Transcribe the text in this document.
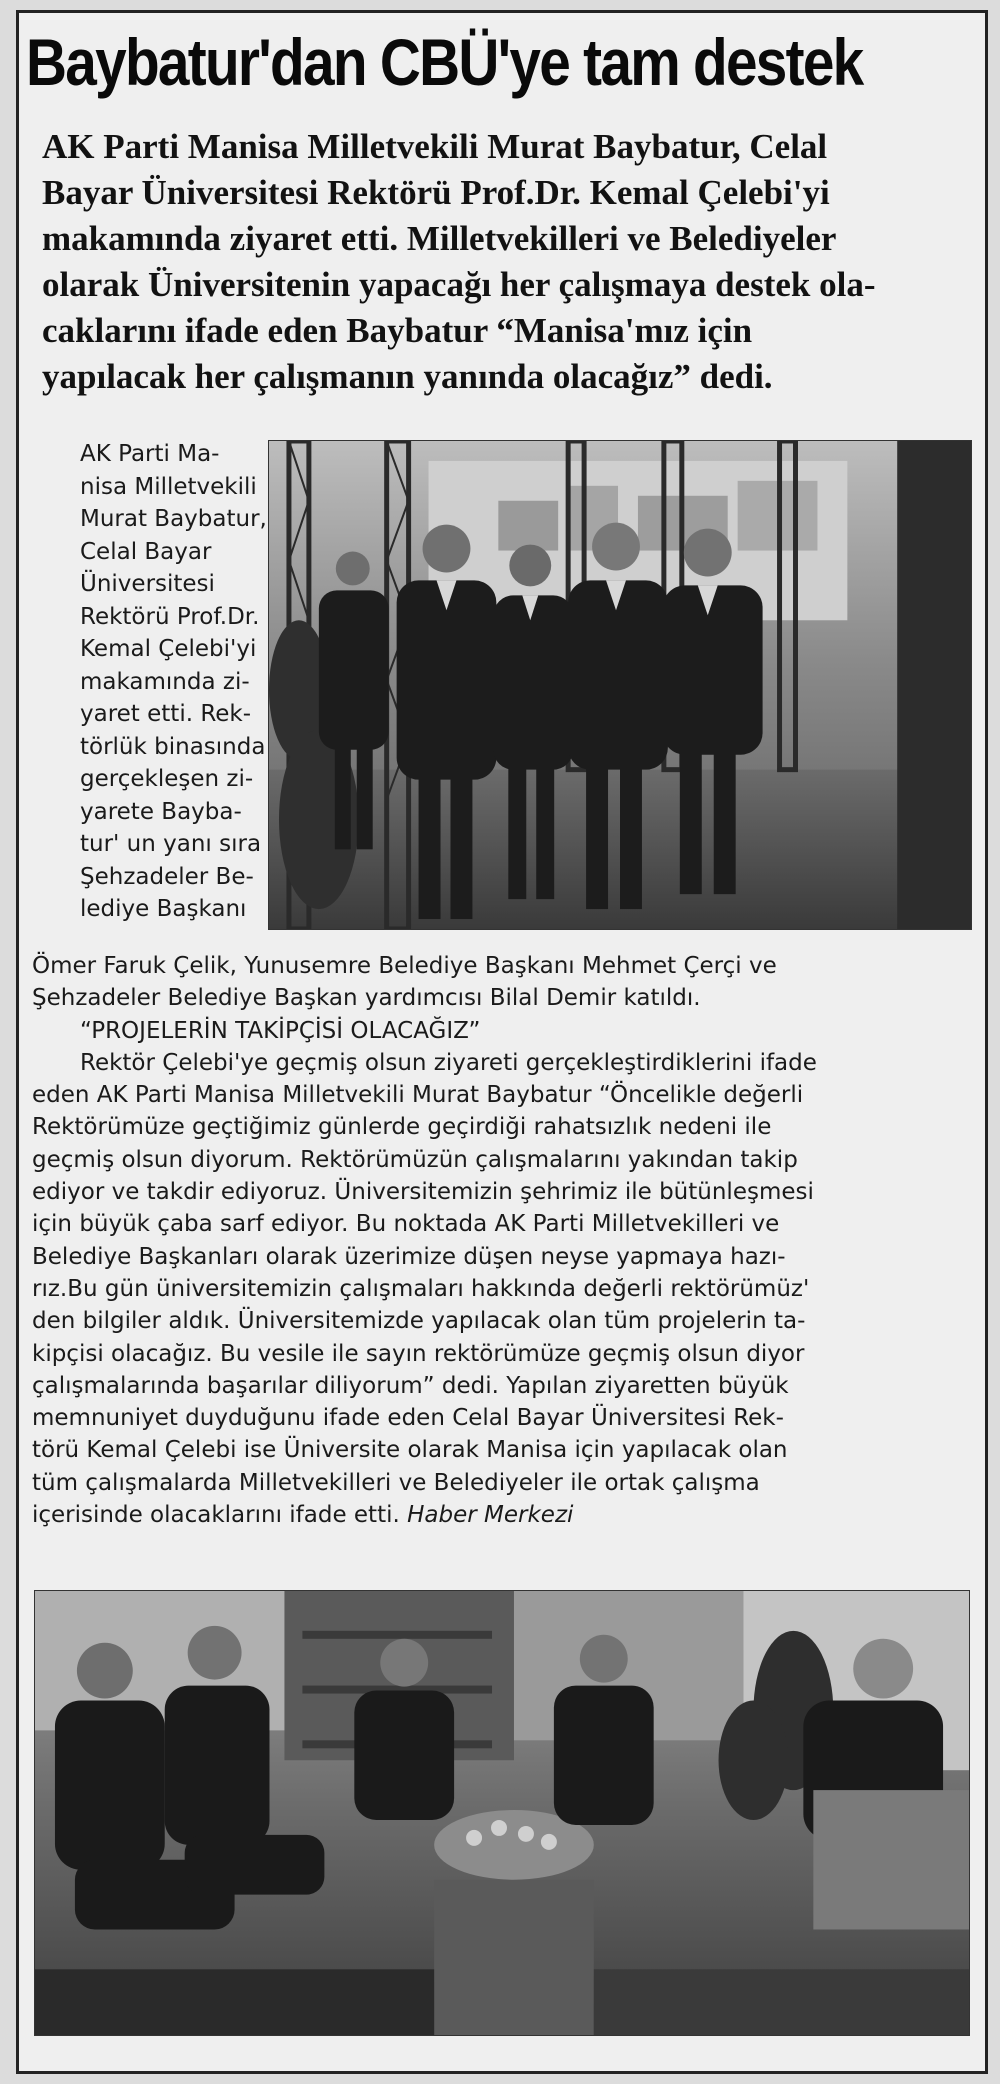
Baybatur'dan CBÜ'ye tam destek
AK Parti Manisa Milletvekili Murat Baybatur, Celal
Bayar Üniversitesi Rektörü Prof.Dr. Kemal Çelebi'yi
makamında ziyaret etti. Milletvekilleri ve Belediyeler
olarak Üniversitenin yapacağı her çalışmaya destek ola-
caklarını ifade eden Baybatur “Manisa'mız için
yapılacak her çalışmanın yanında olacağız” dedi.
AK Parti Ma-
nisa Milletvekili
Murat Baybatur,
Celal Bayar
Üniversitesi
Rektörü Prof.Dr.
Kemal Çelebi'yi
makamında zi-
yaret etti. Rek-
törlük binasında
gerçekleşen zi-
yarete Bayba-
tur' un yanı sıra
Şehzadeler Be-
lediye Başkanı
Ömer Faruk Çelik, Yunusemre Belediye Başkanı Mehmet Çerçi ve
Şehzadeler Belediye Başkan yardımcısı Bilal Demir katıldı.
“PROJELERİN TAKİPÇİSİ OLACAĞIZ”
Rektör Çelebi'ye geçmiş olsun ziyareti gerçekleştirdiklerini ifade
eden AK Parti Manisa Milletvekili Murat Baybatur “Öncelikle değerli
Rektörümüze geçtiğimiz günlerde geçirdiği rahatsızlık nedeni ile
geçmiş olsun diyorum. Rektörümüzün çalışmalarını yakından takip
ediyor ve takdir ediyoruz. Üniversitemizin şehrimiz ile bütünleşmesi
için büyük çaba sarf ediyor. Bu noktada AK Parti Milletvekilleri ve
Belediye Başkanları olarak üzerimize düşen neyse yapmaya hazı-
rız.Bu gün üniversitemizin çalışmaları hakkında değerli rektörümüz'
den bilgiler aldık. Üniversitemizde yapılacak olan tüm projelerin ta-
kipçisi olacağız. Bu vesile ile sayın rektörümüze geçmiş olsun diyor
çalışmalarında başarılar diliyorum” dedi. Yapılan ziyaretten büyük
memnuniyet duyduğunu ifade eden Celal Bayar Üniversitesi Rek-
törü Kemal Çelebi ise Üniversite olarak Manisa için yapılacak olan
tüm çalışmalarda Milletvekilleri ve Belediyeler ile ortak çalışma
içerisinde olacaklarını ifade etti. Haber Merkezi
